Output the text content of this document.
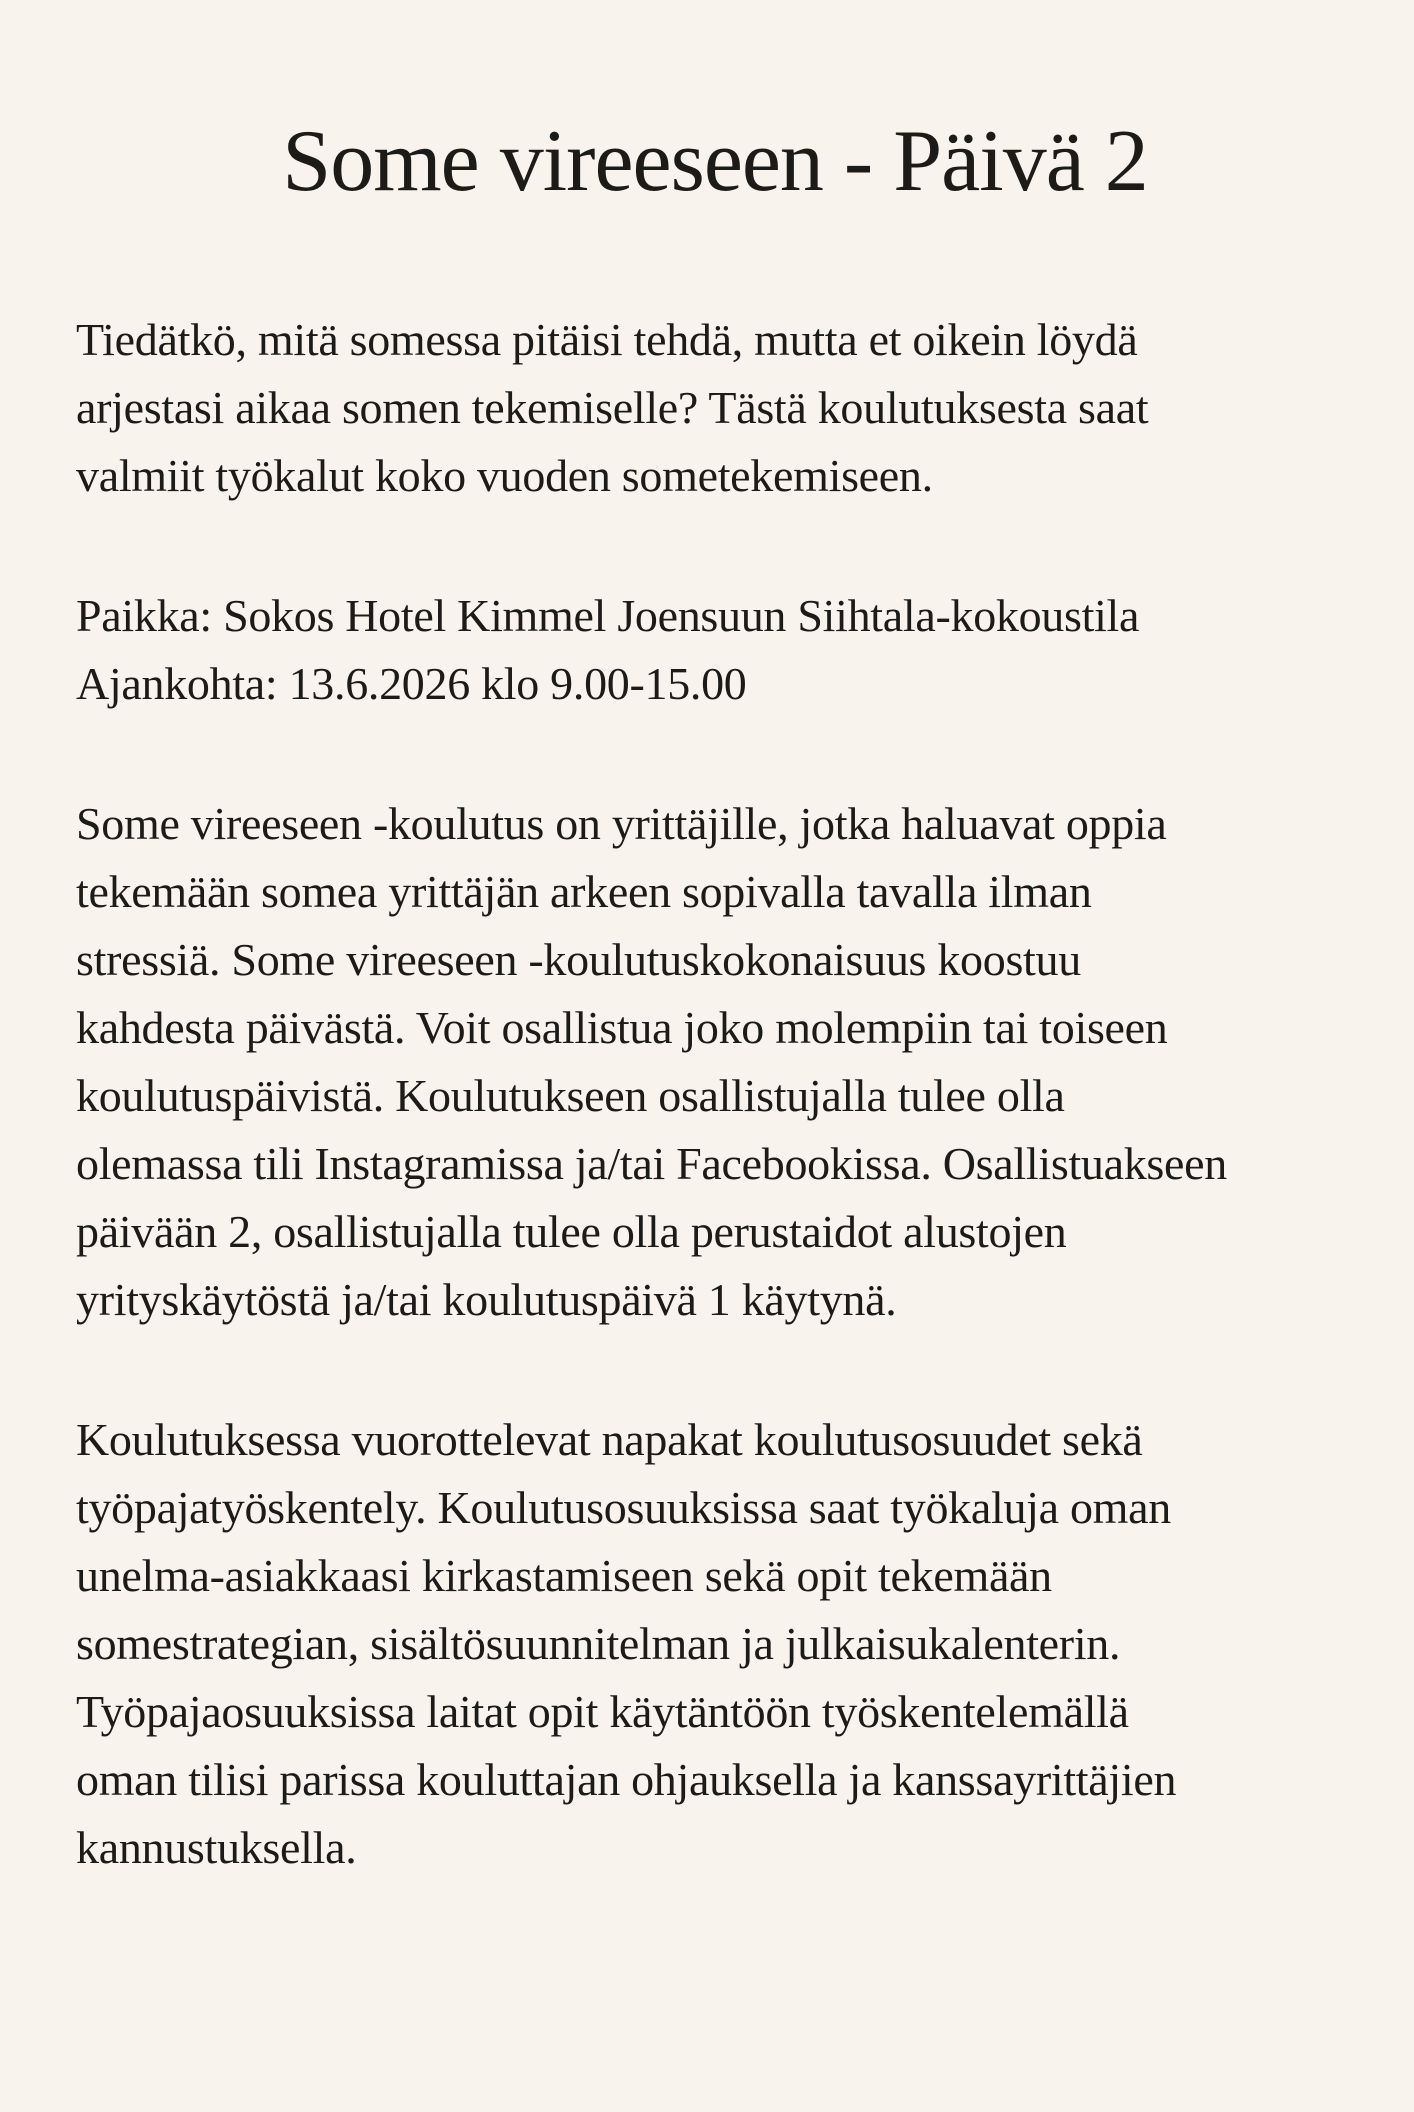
Some vireeseen - Päivä 2
Tiedätkö, mitä somessa pitäisi tehdä, mutta et oikein löydä
arjestasi aikaa somen tekemiselle? Tästä koulutuksesta saat
valmiit työkalut koko vuoden sometekemiseen.
Paikka: Sokos Hotel Kimmel Joensuun Siihtala-kokoustila
Ajankohta: 13.6.2026 klo 9.00-15.00
Some vireeseen -koulutus on yrittäjille, jotka haluavat oppia
tekemään somea yrittäjän arkeen sopivalla tavalla ilman
stressiä. Some vireeseen -koulutuskokonaisuus koostuu
kahdesta päivästä. Voit osallistua joko molempiin tai toiseen
koulutuspäivistä. Koulutukseen osallistujalla tulee olla
olemassa tili Instagramissa ja/tai Facebookissa. Osallistuakseen
päivään 2, osallistujalla tulee olla perustaidot alustojen
yrityskäytöstä ja/tai koulutuspäivä 1 käytynä.
Koulutuksessa vuorottelevat napakat koulutusosuudet sekä
työpajatyöskentely. Koulutusosuuksissa saat työkaluja oman
unelma-asiakkaasi kirkastamiseen sekä opit tekemään
somestrategian, sisältösuunnitelman ja julkaisukalenterin.
Työpajaosuuksissa laitat opit käytäntöön työskentelemällä
oman tilisi parissa kouluttajan ohjauksella ja kanssayrittäjien
kannustuksella.
